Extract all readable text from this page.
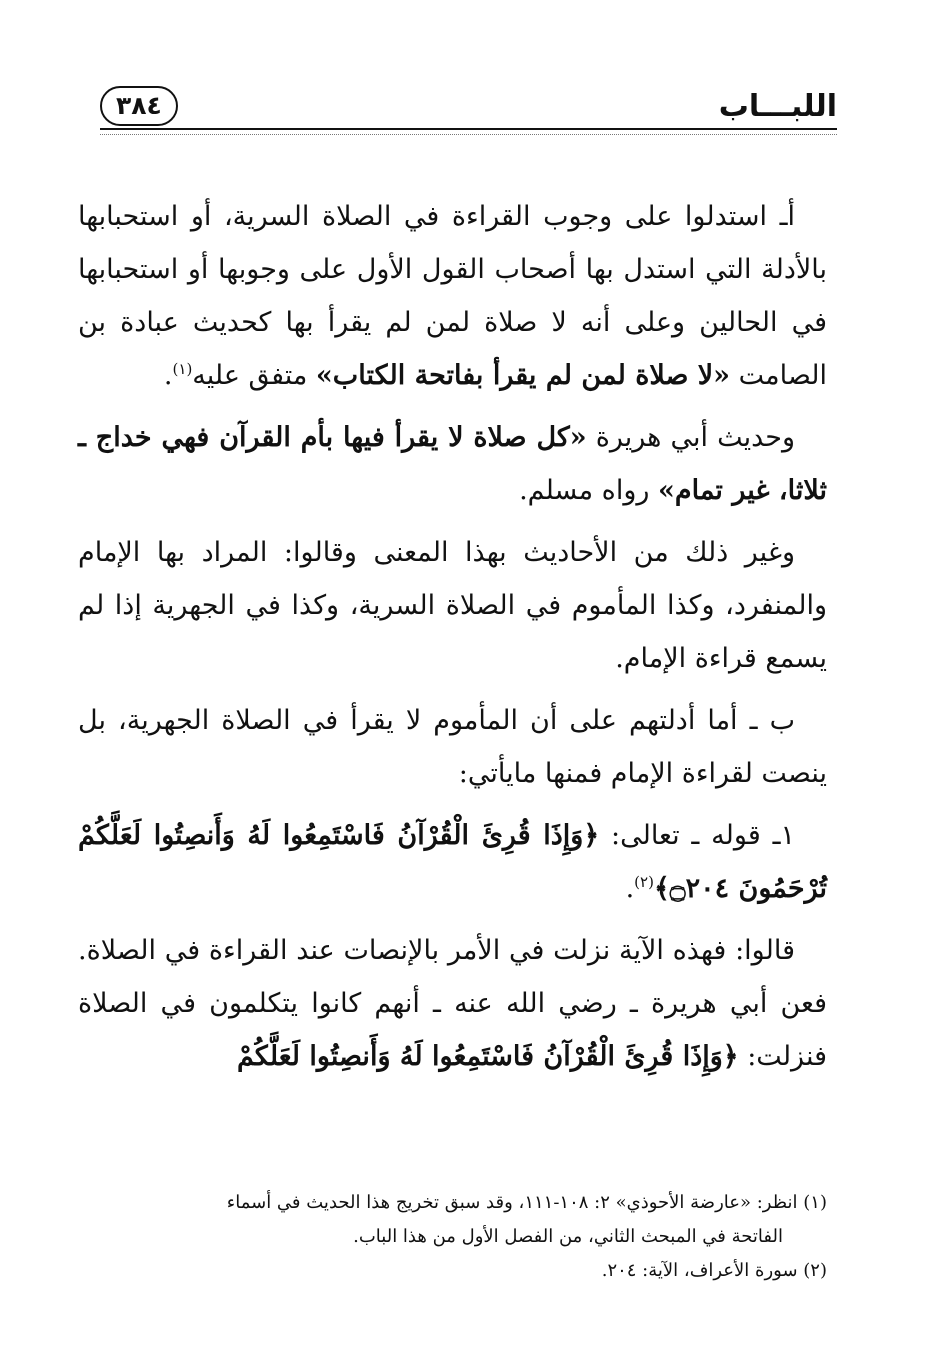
اللبـــاب
٣٨٤

أـ استدلوا على وجوب القراءة في الصلاة السرية، أو استحبابها بالأدلة التي استدل بها أصحاب القول الأول على وجوبها أو استحبابها في الحالين وعلى أنه لا صلاة لمن لم يقرأ بها كحديث عبادة بن الصامت «لا صلاة لمن لم يقرأ بفاتحة الكتاب» متفق عليه$^{(١)}$.

وحديث أبي هريرة «كل صلاة لا يقرأ فيها بأم القرآن فهي خداج ـ ثلاثا، غير تمام» رواه مسلم.

وغير ذلك من الأحاديث بهذا المعنى وقالوا: المراد بها الإمام والمنفرد، وكذا المأموم في الصلاة السرية، وكذا في الجهرية إذا لم يسمع قراءة الإمام.

ب ـ أما أدلتهم على أن المأموم لا يقرأ في الصلاة الجهرية، بل ينصت لقراءة الإمام فمنها مايأتي:

١ـ قوله ـ تعالى: ﴿وَإِذَا قُرِئَ الْقُرْآنُ فَاسْتَمِعُوا لَهُ وَأَنصِتُوا لَعَلَّكُمْ تُرْحَمُونَ ۝٢٠٤﴾$^{(٢)}$.

قالوا: فهذه الآية نزلت في الأمر بالإنصات عند القراءة في الصلاة. فعن أبي هريرة ـ رضي الله عنه ـ أنهم كانوا يتكلمون في الصلاة فنزلت: ﴿وَإِذَا قُرِئَ الْقُرْآنُ فَاسْتَمِعُوا لَهُ وَأَنصِتُوا لَعَلَّكُمْ

(١) انظر: «عارضة الأحوذي» ٢: ١٠٨-١١١، وقد سبق تخريج هذا الحديث في أسماء

الفاتحة في المبحث الثاني، من الفصل الأول من هذا الباب.

(٢) سورة الأعراف، الآية: ٢٠٤.
